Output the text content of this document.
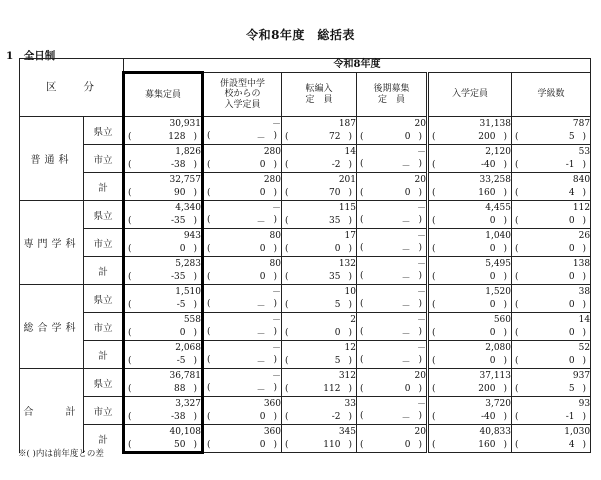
令和8年度　総括表
1　全日制
区　　分		令和8年度					

		募集定員	併設型中学
校からの
入学定員	転編入
定　員	後期募集
定　員	入学定員	学級数

普通科	県立	30,931	－	187	20	31,138	787

		( 128 )	( － )	( 72 )	( 0 )	( 200 )	( 5 )

	市立	1,826	280	14	－	2,120	53

		( -38 )	( 0 )	( -2 )	( － )	( -40 )	( -1 )

	計	32,757	280	201	20	33,258	840

		( 90 )	( 0 )	( 70 )	( 0 )	( 160 )	( 4 )

専門学科	県立	4,340	－	115	－	4,455	112

		( -35 )	( － )	( 35 )	( － )	( 0 )	( 0 )

	市立	943	80	17	－	1,040	26

		( 0 )	( 0 )	( 0 )	( － )	( 0 )	( 0 )

	計	5,283	80	132	－	5,495	138

		( -35 )	( 0 )	( 35 )	( － )	( 0 )	( 0 )

総合学科	県立	1,510	－	10	－	1,520	38

		( -5 )	( － )	( 5 )	( － )	( 0 )	( 0 )

	市立	558	－	2	－	560	14

		( 0 )	( － )	( 0 )	( － )	( 0 )	( 0 )

	計	2,068	－	12	－	2,080	52

		( -5 )	( － )	( 5 )	( － )	( 0 )	( 0 )

合　　計	県立	36,781	－	312	20	37,113	937

		( 88 )	( － )	( 112 )	( 0 )	( 200 )	( 5 )

	市立	3,327	360	33	－	3,720	93

		( -38 )	( 0 )	( -2 )	( － )	( -40 )	( -1 )

	計	40,108	360	345	20	40,833	1,030

		( 50 )	( 0 )	( 110 )	( 0 )	( 160 )	( 4 )
※( )内は前年度との差
